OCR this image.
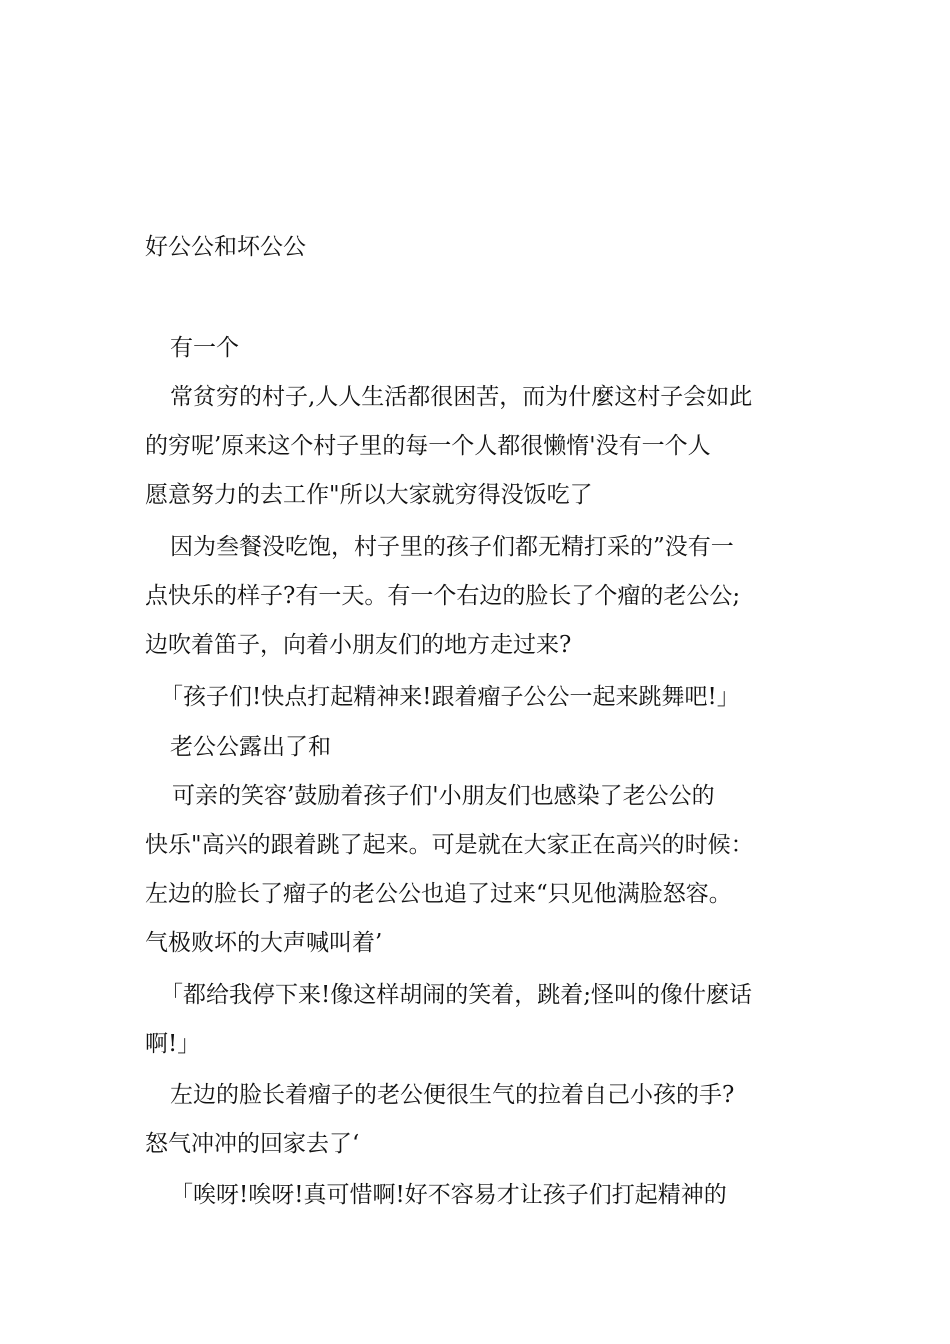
好公公和坏公公
有一个
常贫穷的村子,人人生活都很困苦，而为什麼这村子会如此
的穷呢’原来这个村子里的每一个人都很懒惰'没有一个人
愿意努力的去工作"所以大家就穷得没饭吃了
因为叁餐没吃饱，村子里的孩子们都无精打采的”没有一
点快乐的样子?有一天。有一个右边的脸长了个瘤的老公公;
边吹着笛子，向着小朋友们的地方走过来?
「孩子们!快点打起精神来!跟着瘤子公公一起来跳舞吧!」
老公公露出了和
可亲的笑容’鼓励着孩子们'小朋友们也感染了老公公的
快乐"高兴的跟着跳了起来。可是就在大家正在高兴的时候：
左边的脸长了瘤子的老公公也追了过来“只见他满脸怒容。
气极败坏的大声喊叫着’
「都给我停下来!像这样胡闹的笑着，跳着;怪叫的像什麽话
啊!」
左边的脸长着瘤子的老公便很生气的拉着自己小孩的手?
怒气冲冲的回家去了‘
「唉呀!唉呀!真可惜啊!好不容易才让孩子们打起精神的
